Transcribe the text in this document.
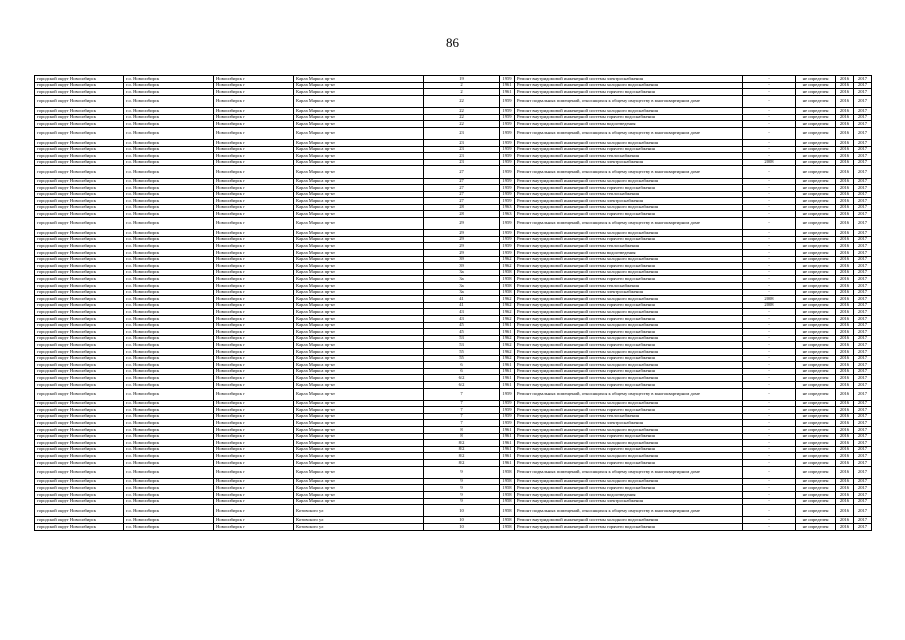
86
городской округ Новосибирск	г.о. Новосибирск	Новосибирск г	Карла Маркса пр-кт	19	1959	Ремонт внутридомовой инженерной системы электроснабжения	-	не определен	2016	2017
городской округ Новосибирск	г.о. Новосибирск	Новосибирск г	Карла Маркса пр-кт	2	1961	Ремонт внутридомовой инженерной системы холодного водоснабжения	-	не определен	2016	2017
городской округ Новосибирск	г.о. Новосибирск	Новосибирск г	Карла Маркса пр-кт	2	1961	Ремонт внутридомовой инженерной системы горячего водоснабжения	-	не определен	2016	2017
городской округ Новосибирск	г.о. Новосибирск	Новосибирск г	Карла Маркса пр-кт	22	1959	Ремонт подвальных помещений, относящихся к общему имуществу в многоквартирном доме	-	не определен	2016	2017
городской округ Новосибирск	г.о. Новосибирск	Новосибирск г	Карла Маркса пр-кт	22	1959	Ремонт внутридомовой инженерной системы холодного водоснабжения	-	не определен	2016	2017
городской округ Новосибирск	г.о. Новосибирск	Новосибирск г	Карла Маркса пр-кт	22	1959	Ремонт внутридомовой инженерной системы горячего водоснабжения	-	не определен	2016	2017
городской округ Новосибирск	г.о. Новосибирск	Новосибирск г	Карла Маркса пр-кт	22	1959	Ремонт внутридомовой инженерной системы водоотведения	-	не определен	2016	2017
городской округ Новосибирск	г.о. Новосибирск	Новосибирск г	Карла Маркса пр-кт	23	1959	Ремонт подвальных помещений, относящихся к общему имуществу в многоквартирном доме	-	не определен	2016	2017
городской округ Новосибирск	г.о. Новосибирск	Новосибирск г	Карла Маркса пр-кт	23	1959	Ремонт внутридомовой инженерной системы холодного водоснабжения	-	не определен	2016	2017
городской округ Новосибирск	г.о. Новосибирск	Новосибирск г	Карла Маркса пр-кт	23	1959	Ремонт внутридомовой инженерной системы горячего водоснабжения	-	не определен	2016	2017
городской округ Новосибирск	г.о. Новосибирск	Новосибирск г	Карла Маркса пр-кт	23	1959	Ремонт внутридомовой инженерной системы теплоснабжения	-	не определен	2016	2017
городской округ Новосибирск	г.о. Новосибирск	Новосибирск г	Карла Маркса пр-кт	23	1959	Ремонт внутридомовой инженерной системы электроснабжения	2008	не определен	2016	2017
городской округ Новосибирск	г.о. Новосибирск	Новосибирск г	Карла Маркса пр-кт	27	1959	Ремонт подвальных помещений, относящихся к общему имуществу в многоквартирном доме	-	не определен	2016	2017
городской округ Новосибирск	г.о. Новосибирск	Новосибирск г	Карла Маркса пр-кт	27	1959	Ремонт внутридомовой инженерной системы холодного водоснабжения	-	не определен	2016	2017
городской округ Новосибирск	г.о. Новосибирск	Новосибирск г	Карла Маркса пр-кт	27	1959	Ремонт внутридомовой инженерной системы горячего водоснабжения	-	не определен	2016	2017
городской округ Новосибирск	г.о. Новосибирск	Новосибирск г	Карла Маркса пр-кт	27	1959	Ремонт внутридомовой инженерной системы теплоснабжения	-	не определен	2016	2017
городской округ Новосибирск	г.о. Новосибирск	Новосибирск г	Карла Маркса пр-кт	27	1959	Ремонт внутридомовой инженерной системы электроснабжения	-	не определен	2016	2017
городской округ Новосибирск	г.о. Новосибирск	Новосибирск г	Карла Маркса пр-кт	28	1963	Ремонт внутридомовой инженерной системы холодного водоснабжения	-	не определен	2016	2017
городской округ Новосибирск	г.о. Новосибирск	Новосибирск г	Карла Маркса пр-кт	28	1963	Ремонт внутридомовой инженерной системы горячего водоснабжения	-	не определен	2016	2017
городской округ Новосибирск	г.о. Новосибирск	Новосибирск г	Карла Маркса пр-кт	29	1959	Ремонт подвальных помещений, относящихся к общему имуществу в многоквартирном доме	-	не определен	2016	2017
городской округ Новосибирск	г.о. Новосибирск	Новосибирск г	Карла Маркса пр-кт	29	1959	Ремонт внутридомовой инженерной системы холодного водоснабжения	-	не определен	2016	2017
городской округ Новосибирск	г.о. Новосибирск	Новосибирск г	Карла Маркса пр-кт	29	1959	Ремонт внутридомовой инженерной системы горячего водоснабжения	-	не определен	2016	2017
городской округ Новосибирск	г.о. Новосибирск	Новосибирск г	Карла Маркса пр-кт	29	1959	Ремонт внутридомовой инженерной системы теплоснабжения	-	не определен	2016	2017
городской округ Новосибирск	г.о. Новосибирск	Новосибирск г	Карла Маркса пр-кт	29	1959	Ремонт внутридомовой инженерной системы водоотведения	-	не определен	2016	2017
городской округ Новосибирск	г.о. Новосибирск	Новосибирск г	Карла Маркса пр-кт	39	1962	Ремонт внутридомовой инженерной системы холодного водоснабжения	-	не определен	2016	2017
городской округ Новосибирск	г.о. Новосибирск	Новосибирск г	Карла Маркса пр-кт	39	1962	Ремонт внутридомовой инженерной системы горячего водоснабжения	-	не определен	2016	2017
городской округ Новосибирск	г.о. Новосибирск	Новосибирск г	Карла Маркса пр-кт	3а	1958	Ремонт внутридомовой инженерной системы холодного водоснабжения	-	не определен	2016	2017
городской округ Новосибирск	г.о. Новосибирск	Новосибирск г	Карла Маркса пр-кт	3а	1958	Ремонт внутридомовой инженерной системы горячего водоснабжения	-	не определен	2016	2017
городской округ Новосибирск	г.о. Новосибирск	Новосибирск г	Карла Маркса пр-кт	3а	1958	Ремонт внутридомовой инженерной системы теплоснабжения	-	не определен	2016	2017
городской округ Новосибирск	г.о. Новосибирск	Новосибирск г	Карла Маркса пр-кт	3а	1958	Ремонт внутридомовой инженерной системы электроснабжения	-	не определен	2016	2017
городской округ Новосибирск	г.о. Новосибирск	Новосибирск г	Карла Маркса пр-кт	41	1962	Ремонт внутридомовой инженерной системы холодного водоснабжения	2008	не определен	2016	2017
городской округ Новосибирск	г.о. Новосибирск	Новосибирск г	Карла Маркса пр-кт	41	1962	Ремонт внутридомовой инженерной системы горячего водоснабжения	2008	не определен	2016	2017
городской округ Новосибирск	г.о. Новосибирск	Новосибирск г	Карла Маркса пр-кт	43	1962	Ремонт внутридомовой инженерной системы холодного водоснабжения	-	не определен	2016	2017
городской округ Новосибирск	г.о. Новосибирск	Новосибирск г	Карла Маркса пр-кт	43	1962	Ремонт внутридомовой инженерной системы горячего водоснабжения	-	не определен	2016	2017
городской округ Новосибирск	г.о. Новосибирск	Новосибирск г	Карла Маркса пр-кт	45	1961	Ремонт внутридомовой инженерной системы холодного водоснабжения	-	не определен	2016	2017
городской округ Новосибирск	г.о. Новосибирск	Новосибирск г	Карла Маркса пр-кт	45	1961	Ремонт внутридомовой инженерной системы горячего водоснабжения	-	не определен	2016	2017
городской округ Новосибирск	г.о. Новосибирск	Новосибирск г	Карла Маркса пр-кт	53	1962	Ремонт внутридомовой инженерной системы холодного водоснабжения	-	не определен	2016	2017
городской округ Новосибирск	г.о. Новосибирск	Новосибирск г	Карла Маркса пр-кт	53	1962	Ремонт внутридомовой инженерной системы горячего водоснабжения	-	не определен	2016	2017
городской округ Новосибирск	г.о. Новосибирск	Новосибирск г	Карла Маркса пр-кт	55	1962	Ремонт внутридомовой инженерной системы холодного водоснабжения	-	не определен	2016	2017
городской округ Новосибирск	г.о. Новосибирск	Новосибирск г	Карла Маркса пр-кт	55	1962	Ремонт внутридомовой инженерной системы горячего водоснабжения	-	не определен	2016	2017
городской округ Новосибирск	г.о. Новосибирск	Новосибирск г	Карла Маркса пр-кт	6	1961	Ремонт внутридомовой инженерной системы холодного водоснабжения	-	не определен	2016	2017
городской округ Новосибирск	г.о. Новосибирск	Новосибирск г	Карла Маркса пр-кт	6	1961	Ремонт внутридомовой инженерной системы горячего водоснабжения	-	не определен	2016	2017
городской округ Новосибирск	г.о. Новосибирск	Новосибирск г	Карла Маркса пр-кт	6/2	1961	Ремонт внутридомовой инженерной системы холодного водоснабжения	-	не определен	2016	2017
городской округ Новосибирск	г.о. Новосибирск	Новосибирск г	Карла Маркса пр-кт	6/2	1961	Ремонт внутридомовой инженерной системы горячего водоснабжения	-	не определен	2016	2017
городской округ Новосибирск	г.о. Новосибирск	Новосибирск г	Карла Маркса пр-кт	7	1959	Ремонт подвальных помещений, относящихся к общему имуществу в многоквартирном доме	-	не определен	2016	2017
городской округ Новосибирск	г.о. Новосибирск	Новосибирск г	Карла Маркса пр-кт	7	1959	Ремонт внутридомовой инженерной системы холодного водоснабжения	-	не определен	2016	2017
городской округ Новосибирск	г.о. Новосибирск	Новосибирск г	Карла Маркса пр-кт	7	1959	Ремонт внутридомовой инженерной системы горячего водоснабжения	-	не определен	2016	2017
городской округ Новосибирск	г.о. Новосибирск	Новосибирск г	Карла Маркса пр-кт	7	1959	Ремонт внутридомовой инженерной системы теплоснабжения	-	не определен	2016	2017
городской округ Новосибирск	г.о. Новосибирск	Новосибирск г	Карла Маркса пр-кт	7	1959	Ремонт внутридомовой инженерной системы электроснабжения	-	не определен	2016	2017
городской округ Новосибирск	г.о. Новосибирск	Новосибирск г	Карла Маркса пр-кт	8	1961	Ремонт внутридомовой инженерной системы холодного водоснабжения	-	не определен	2016	2017
городской округ Новосибирск	г.о. Новосибирск	Новосибирск г	Карла Маркса пр-кт	8	1961	Ремонт внутридомовой инженерной системы горячего водоснабжения	-	не определен	2016	2017
городской округ Новосибирск	г.о. Новосибирск	Новосибирск г	Карла Маркса пр-кт	8/2	1961	Ремонт внутридомовой инженерной системы холодного водоснабжения	-	не определен	2016	2017
городской округ Новосибирск	г.о. Новосибирск	Новосибирск г	Карла Маркса пр-кт	8/2	1961	Ремонт внутридомовой инженерной системы горячего водоснабжения	-	не определен	2016	2017
городской округ Новосибирск	г.о. Новосибирск	Новосибирск г	Карла Маркса пр-кт	8/2	1961	Ремонт внутридомовой инженерной системы холодного водоснабжения	-	не определен	2016	2017
городской округ Новосибирск	г.о. Новосибирск	Новосибирск г	Карла Маркса пр-кт	8/2	1961	Ремонт внутридомовой инженерной системы горячего водоснабжения	-	не определен	2016	2017
городской округ Новосибирск	г.о. Новосибирск	Новосибирск г	Карла Маркса пр-кт	9	1958	Ремонт подвальных помещений, относящихся к общему имуществу в многоквартирном доме	-	не определен	2016	2017
городской округ Новосибирск	г.о. Новосибирск	Новосибирск г	Карла Маркса пр-кт	9	1958	Ремонт внутридомовой инженерной системы холодного водоснабжения	-	не определен	2016	2017
городской округ Новосибирск	г.о. Новосибирск	Новосибирск г	Карла Маркса пр-кт	9	1958	Ремонт внутридомовой инженерной системы горячего водоснабжения	-	не определен	2016	2017
городской округ Новосибирск	г.о. Новосибирск	Новосибирск г	Карла Маркса пр-кт	9	1958	Ремонт внутридомовой инженерной системы водоотведения	-	не определен	2016	2017
городской округ Новосибирск	г.о. Новосибирск	Новосибирск г	Карла Маркса пр-кт	9	1958	Ремонт внутридомовой инженерной системы электроснабжения	-	не определен	2016	2017
городской округ Новосибирск	г.о. Новосибирск	Новосибирск г	Котовского ул	10	1958	Ремонт подвальных помещений, относящихся к общему имуществу в многоквартирном доме	-	не определен	2016	2017
городской округ Новосибирск	г.о. Новосибирск	Новосибирск г	Котовского ул	10	1958	Ремонт внутридомовой инженерной системы холодного водоснабжения	-	не определен	2016	2017
городской округ Новосибирск	г.о. Новосибирск	Новосибирск г	Котовского ул	10	1958	Ремонт внутридомовой инженерной системы горячего водоснабжения	-	не определен	2016	2017
